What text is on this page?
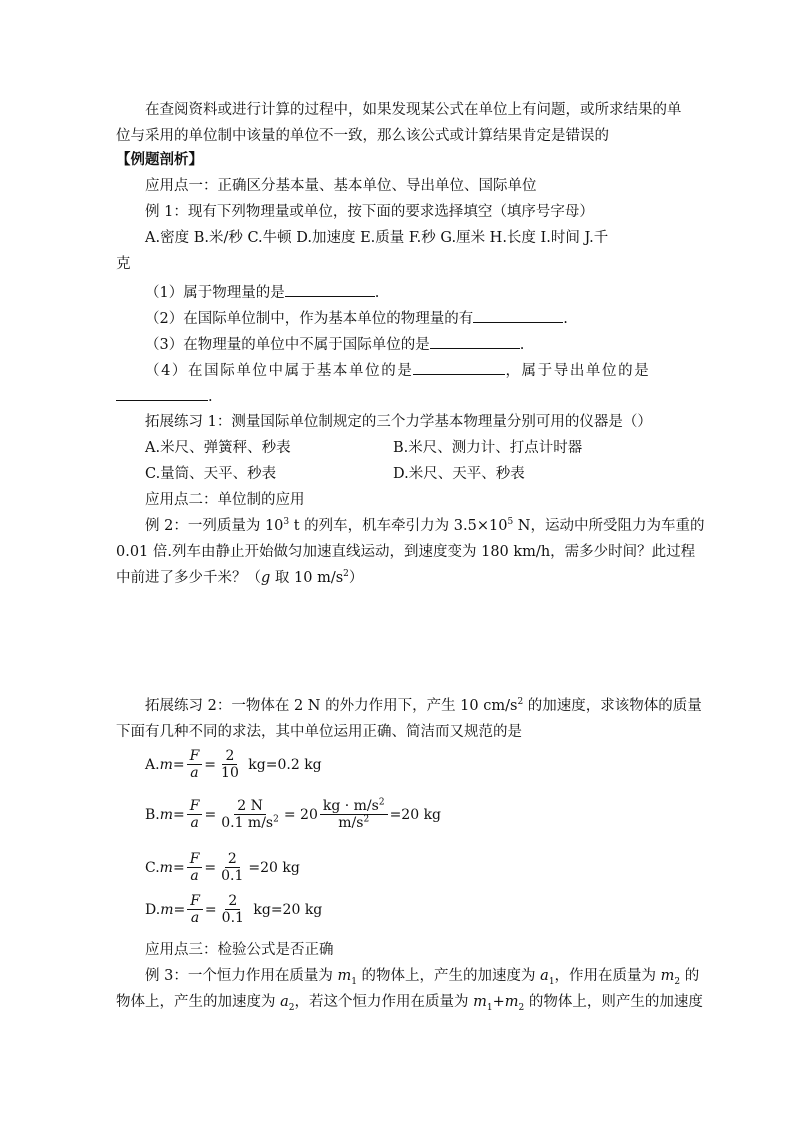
在查阅资料或进行计算的过程中，如果发现某公式在单位上有问题，或所求结果的单
位与采用的单位制中该量的单位不一致，那么该公式或计算结果肯定是错误的
【例题剖析】
应用点一：正确区分基本量、基本单位、导出单位、国际单位
例 1：现有下列物理量或单位，按下面的要求选择填空（填序号字母）
A.密度 B.米/秒 C.牛顿 D.加速度 E.质量 F.秒 G.厘米 H.长度 I.时间 J.千
克
（1）属于物理量的是	.
（2）在国际单位制中，作为基本单位的物理量的有	.
（3）在物理量的单位中不属于国际单位的是	.
（4）在国际单位中属于基本单位的是	，属于导出单位的是
.
拓展练习 1：测量国际单位制规定的三个力学基本物理量分别可用的仪器是（）
A.米尺、弹簧秤、秒表	B.米尺、测力计、打点计时器
C.量筒、天平、秒表	D.米尺、天平、秒表
应用点二：单位制的应用
例 2：一列质量为 $10^3$ t 的列车，机车牵引力为 $3.5\times 10^5$ N，运动中所受阻力为车重的
0.01 倍.列车由静止开始做匀加速直线运动，到速度变为 180 km/h，需多少时间？此过程
中前进了多少千米？（g 取 10 $m/s^2$）
拓展练习 2：一物体在 2 N 的外力作用下，产生 10 $cm/s^2$ 的加速度，求该物体的质量
下面有几种不同的求法，其中单位运用正确、简洁而又规范的是
A. $m = \frac{F}{a} = \frac{2}{10} kg=0.2$ kg
B. $m = \frac{F}{a} = \frac{2 N}{0.1 m/s^2} = 20 \frac{kg \cdot m/s^2}{m/s^2} =20$ kg
C. $m = \frac{F}{a} = \frac{2}{0.1} =20$ kg
D. $m = \frac{F}{a} = \frac{2}{0.1} kg=20$ kg
应用点三：检验公式是否正确
例 3：一个恒力作用在质量为 $m_1$ 的物体上，产生的加速度为 $a_1$，作用在质量为 $m_2$ 的
物体上，产生的加速度为 $a_2$，若这个恒力作用在质量为 $m_1+m_2$ 的物体上，则产生的加速度
